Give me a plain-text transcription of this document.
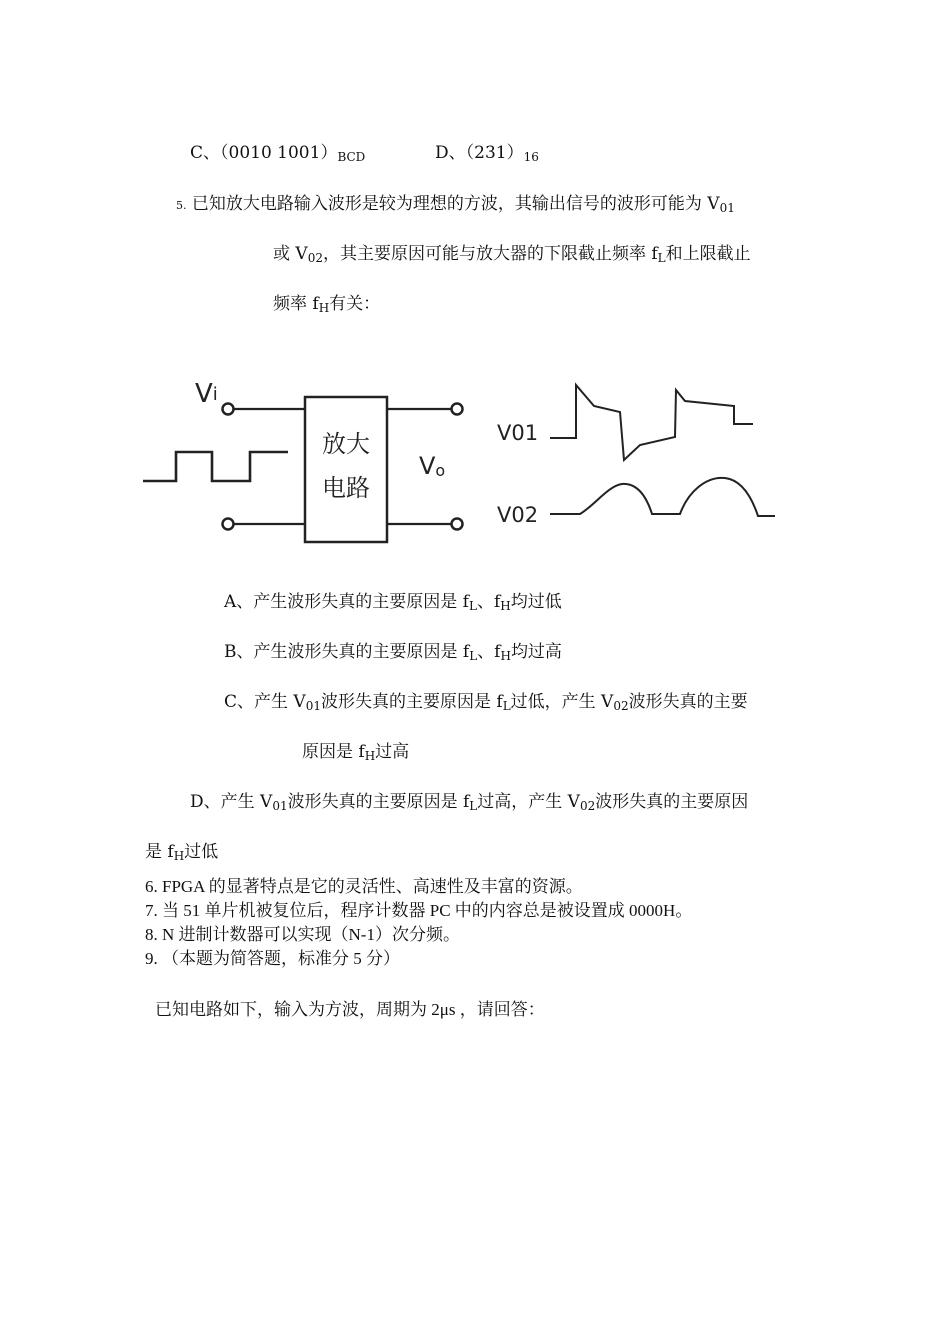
C、（0010 1001）BCD	D、（231）16
5. 已知放大电路输入波形是较为理想的方波，其输出信号的波形可能为 V01
或 V02，其主要原因可能与放大器的下限截止频率 fL和上限截止
频率 fH有关：
Vi
放大
电路
Vo
V01
V02
A、产生波形失真的主要原因是 fL、fH均过低
B、产生波形失真的主要原因是 fL、fH均过高
C、产生 V01波形失真的主要原因是 fL过低，产生 V02波形失真的主要
原因是 fH过高
D、产生 V01波形失真的主要原因是 fL过高，产生 V02波形失真的主要原因
是 fH过低
6. FPGA 的显著特点是它的灵活性、高速性及丰富的资源。
7. 当 51 单片机被复位后，程序计数器 PC 中的内容总是被设置成 0000H。
8. N 进制计数器可以实现（N-1）次分频。
9. （本题为简答题，标准分 5 分）
已知电路如下，输入为方波，周期为 2μs ，请回答：
